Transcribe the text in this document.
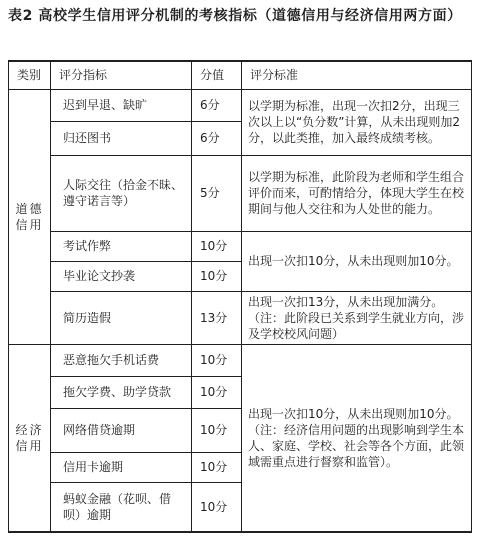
表2 高校学生信用评分机制的考核指标（道德信用与经济信用两方面）
类别	评分指标	分值	评分标准
道德信用	迟到早退、缺旷	6分	以学期为标准，出现一次扣2分，出现三次以上以“负分数”计算，从未出现则加2分，以此类推，加入最终成绩考核。
	归还图书	6分	
	人际交往（拾金不昧、遵守诺言等）	5分	以学期为标准，此阶段为老师和学生组合评价而来，可酌情给分，体现大学生在校期间与他人交往和为人处世的能力。
	考试作弊	10分	出现一次扣10分，从未出现则加10分。
	毕业论文抄袭	10分	
	简历造假	13分	出现一次扣13分，从未出现加满分。（注：此阶段已关系到学生就业方向，涉及学校校风问题）
经济信用	恶意拖欠手机话费	10分	出现一次扣10分，从未出现则加10分。（注：经济信用问题的出现影响到学生本人、家庭、学校、社会等各个方面，此领域需重点进行督察和监管）。
	拖欠学费、助学贷款	10分	
	网络借贷逾期	10分	
	信用卡逾期	10分	
	蚂蚁金融（花呗、借呗）逾期	10分	
